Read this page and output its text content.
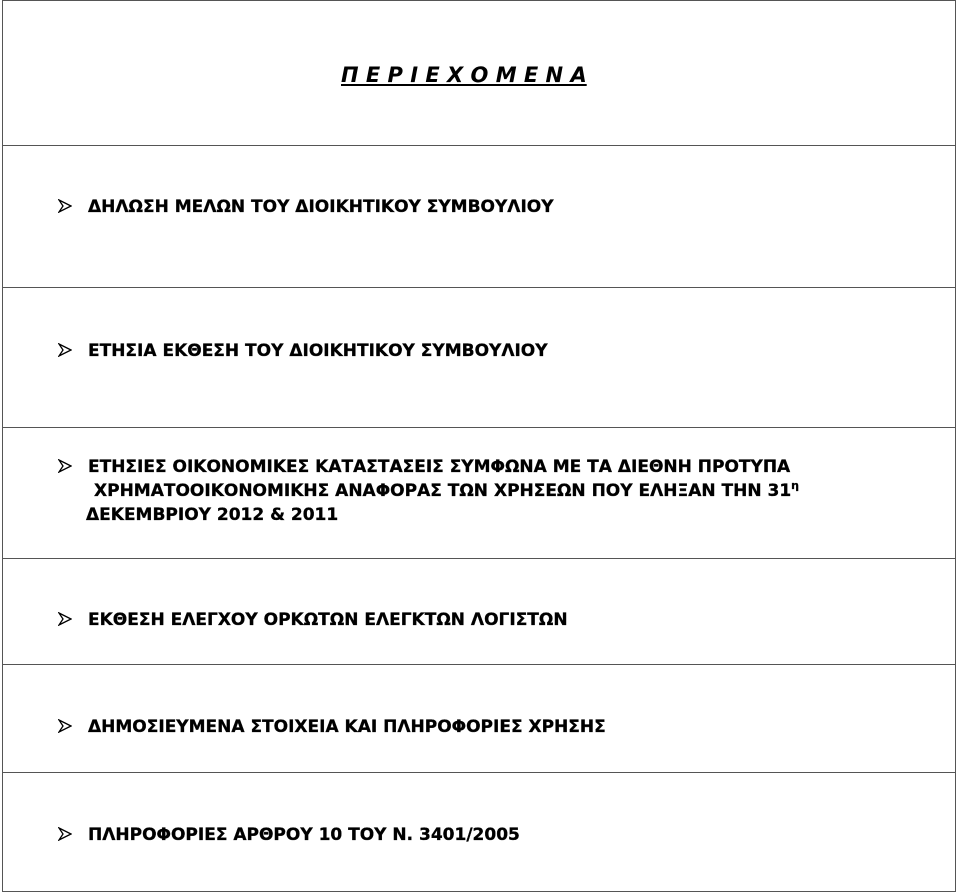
Π Ε Ρ Ι Ε Χ Ο Μ Ε Ν Α
ΔΗΛΩΣΗ ΜΕΛΩΝ ΤΟΥ ΔΙΟΙΚΗΤΙΚΟΥ ΣΥΜΒΟΥΛΙΟΥ
ΕΤΗΣΙΑ ΕΚΘΕΣΗ ΤΟΥ ΔΙΟΙΚΗΤΙΚΟΥ ΣΥΜΒΟΥΛΙΟΥ
ΕΤΗΣΙΕΣ ΟΙΚΟΝΟΜΙΚΕΣ ΚΑΤΑΣΤΑΣΕΙΣ ΣΥΜΦΩΝΑ ΜΕ ΤΑ ΔΙΕΘΝΗ ΠΡΟΤΥΠΑ
ΧΡΗΜΑΤΟΟΙΚΟΝΟΜΙΚΗΣ ΑΝΑΦΟΡΑΣ ΤΩΝ ΧΡΗΣΕΩΝ ΠΟΥ ΕΛΗΞΑΝ ΤΗΝ $31^\eta$
ΔΕΚΕΜΒΡΙΟΥ 2012 & 2011
ΕΚΘΕΣΗ ΕΛΕΓΧΟΥ ΟΡΚΩΤΩΝ ΕΛΕΓΚΤΩΝ ΛΟΓΙΣΤΩΝ
ΔΗΜΟΣΙΕΥΜΕΝΑ ΣΤΟΙΧΕΙΑ ΚΑΙ ΠΛΗΡΟΦΟΡΙΕΣ ΧΡΗΣΗΣ
ΠΛΗΡΟΦΟΡΙΕΣ ΑΡΘΡΟΥ 10 ΤΟΥ Ν. 3401/2005
